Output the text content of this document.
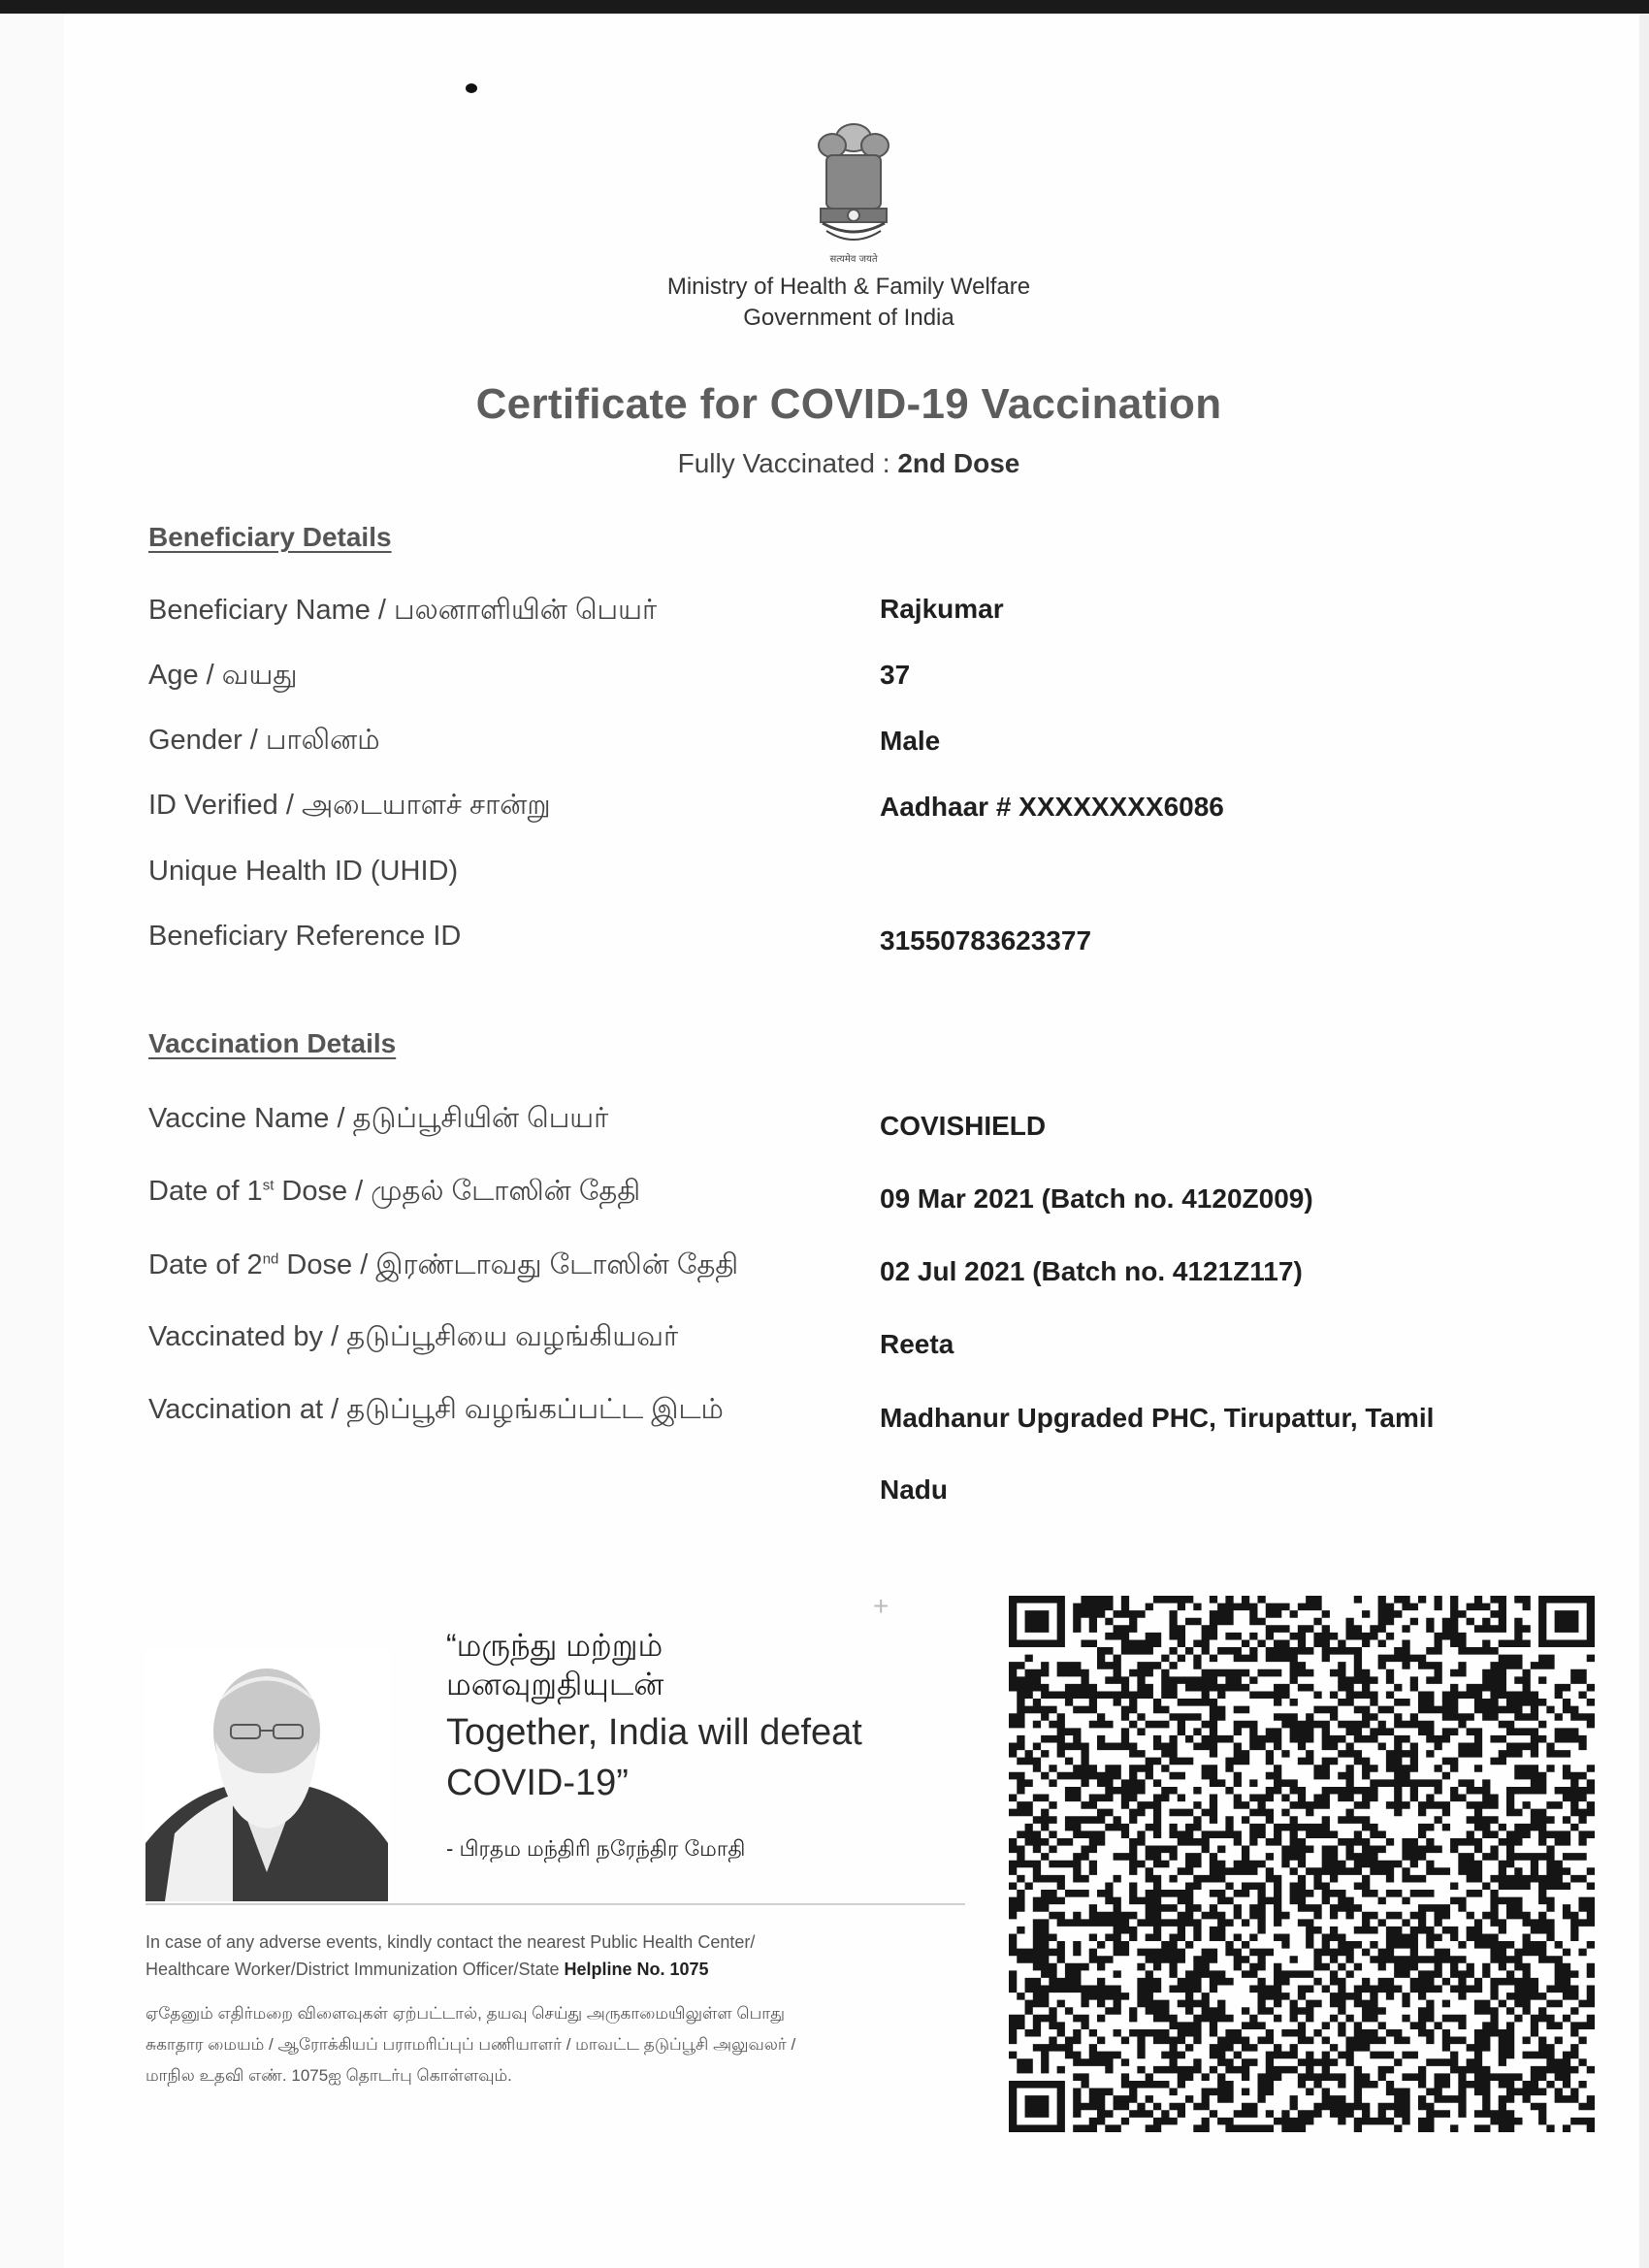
सत्यमेव जयते
Ministry of Health & Family Welfare
Government of India
Certificate for COVID-19 Vaccination
Fully Vaccinated : 2nd Dose
Beneficiary Details
Beneficiary Name / பலனாளியின் பெயர்	Rajkumar
Age / வயது	37
Gender / பாலினம்	Male
ID Verified / அடையாளச் சான்று	Aadhaar # XXXXXXXX6086
Unique Health ID (UHID)
Beneficiary Reference ID	31550783623377
Vaccination Details
Vaccine Name / தடுப்பூசியின் பெயர்	COVISHIELD
Date of 1st Dose / முதல் டோஸின் தேதி	09 Mar 2021 (Batch no. 4120Z009)
Date of 2nd Dose / இரண்டாவது டோஸின் தேதி	02 Jul 2021 (Batch no. 4121Z117)
Vaccinated by / தடுப்பூசியை வழங்கியவர்	Reeta
Vaccination at / தடுப்பூசி வழங்கப்பட்ட இடம்	Madhanur Upgraded PHC, Tirupattur, Tamil
Nadu
+
“மருந்து மற்றும்
மனவுறுதியுடன்
Together, India will defeat
COVID-19”
- பிரதம மந்திரி நரேந்திர மோதி
In case of any adverse events, kindly contact the nearest Public Health Center/
Healthcare Worker/District Immunization Officer/State Helpline No. 1075
ஏதேனும் எதிர்மறை விளைவுகள் ஏற்பட்டால், தயவு செய்து அருகாமையிலுள்ள பொது
சுகாதார மையம் / ஆரோக்கியப் பராமரிப்புப் பணியாளர் / மாவட்ட தடுப்பூசி அலுவலர் /
மாநில உதவி எண். 1075ஐ தொடர்பு கொள்ளவும்.
